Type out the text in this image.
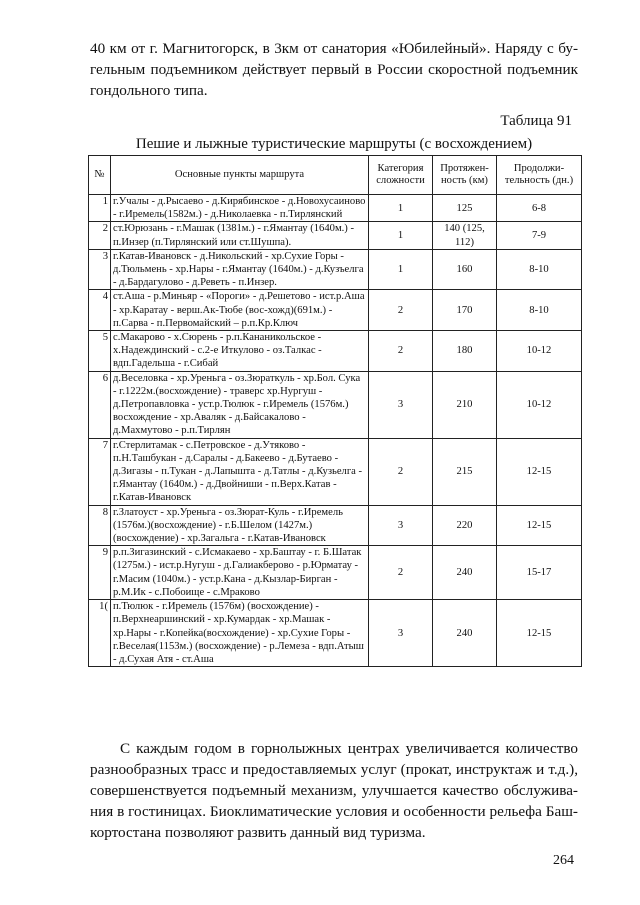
40 км от г. Магнитогорск, в 3км от санатория «Юбилейный». Наряду с бу-гельным подъемником действует первый в России скоростной подъемник гондольного типа.

Таблица 91
Пешие и лыжные туристические маршруты (с восхождением)
№	Основные пункты маршрута	Категория сложности	Протяжен-ность (км)	Продолжи-тельность (дн.)
1	г.Учалы - д.Рысаево - д.Кирябинское - д.Новохусаиново - г.Иремель(1582м.) - д.Николаевка - п.Тирлянский	1	125	6-8
2	ст.Юрюзань - г.Машак (1381м.) - г.Ямантау (1640м.) - п.Инзер (п.Тирлянский или ст.Шушпа).	1	140 (125, 112)	7-9
3	г.Катав-Ивановск - д.Никольский - хр.Сухие Горы - д.Тюльмень - хр.Нары - г.Ямантау (1640м.) - д.Кузъелга - д.Бардагулово - д.Реветь - п.Инзер.	1	160	8-10
4	ст.Аша - р.Миньяр - «Пороги» - д.Решетово - ист.р.Аша - хр.Каратау - верш.Ак-Тюбе (вос-хожд)(691м.) - п.Сарва - п.Первомайский – р.п.Кр.Ключ	2	170	8-10
5	с.Макарово - х.Сюрень - р.п.Кананикольское - х.Надеждинский - с.2-е Иткулово - оз.Талкас - вдп.Гадельша - г.Сибай	2	180	10-12
6	д.Веселовка - хр.Уреньга - оз.Зюраткуль - хр.Бол. Сука - г.1222м.(восхождение) - траверс хр.Нургуш - д.Петропавловка - уст.р.Тюлюк - г.Иремель (1576м.) восхождение - хр.Аваляк - д.Байсакалово - д.Махмутово - р.п.Тирлян	3	210	10-12
7	г.Стерлитамак - с.Петровское - д.Утяково - п.Н.Ташбукан - д.Саралы - д.Бакеево - д.Бутаево - д.Зигазы - п.Тукан - д.Лапышта - д.Татлы - д.Кузьелга - г.Ямантау (1640м.) - д.Двойниши - п.Верх.Катав - г.Катав-Ивановск	2	215	12-15
8	г.Златоуст - хр.Уреньга - оз.Зюрат-Куль - г.Иремель (1576м.)(восхождение) - г.Б.Шелом (1427м.)(восхождение) - хр.Загальга - г.Катав-Ивановск	3	220	12-15
9	р.п.Зигазинский - с.Исмакаево - хр.Баштау - г. Б.Шатак (1275м.) - ист.р.Нугуш - д.Галиакберово - р.Юрматау - г.Масим (1040м.) - уст.р.Кана - д.Кызлар-Бирган - р.М.Ик - с.Побоище - с.Мраково	2	240	15-17
1(	п.Тюлюк - г.Иремель (1576м) (восхождение) - п.Верхнеаршинский - хр.Кумардак - хр.Машак - хр.Нары - г.Копейка(восхождение) - хр.Сухие Горы - г.Веселая(1153м.) (восхождение) - р.Лемеза - вдп.Атыш - д.Сухая Атя - ст.Аша	3	240	12-15

С каждым годом в горнолыжных центрах увеличивается количество разнообразных трасс и предоставляемых услуг (прокат, инструктаж и т.д.), совершенствуется подъемный механизм, улучшается качество обслужива-ния в гостиницах. Биоклиматические условия и особенности рельефа Баш-кортостана позволяют развить данный вид туризма.

264
